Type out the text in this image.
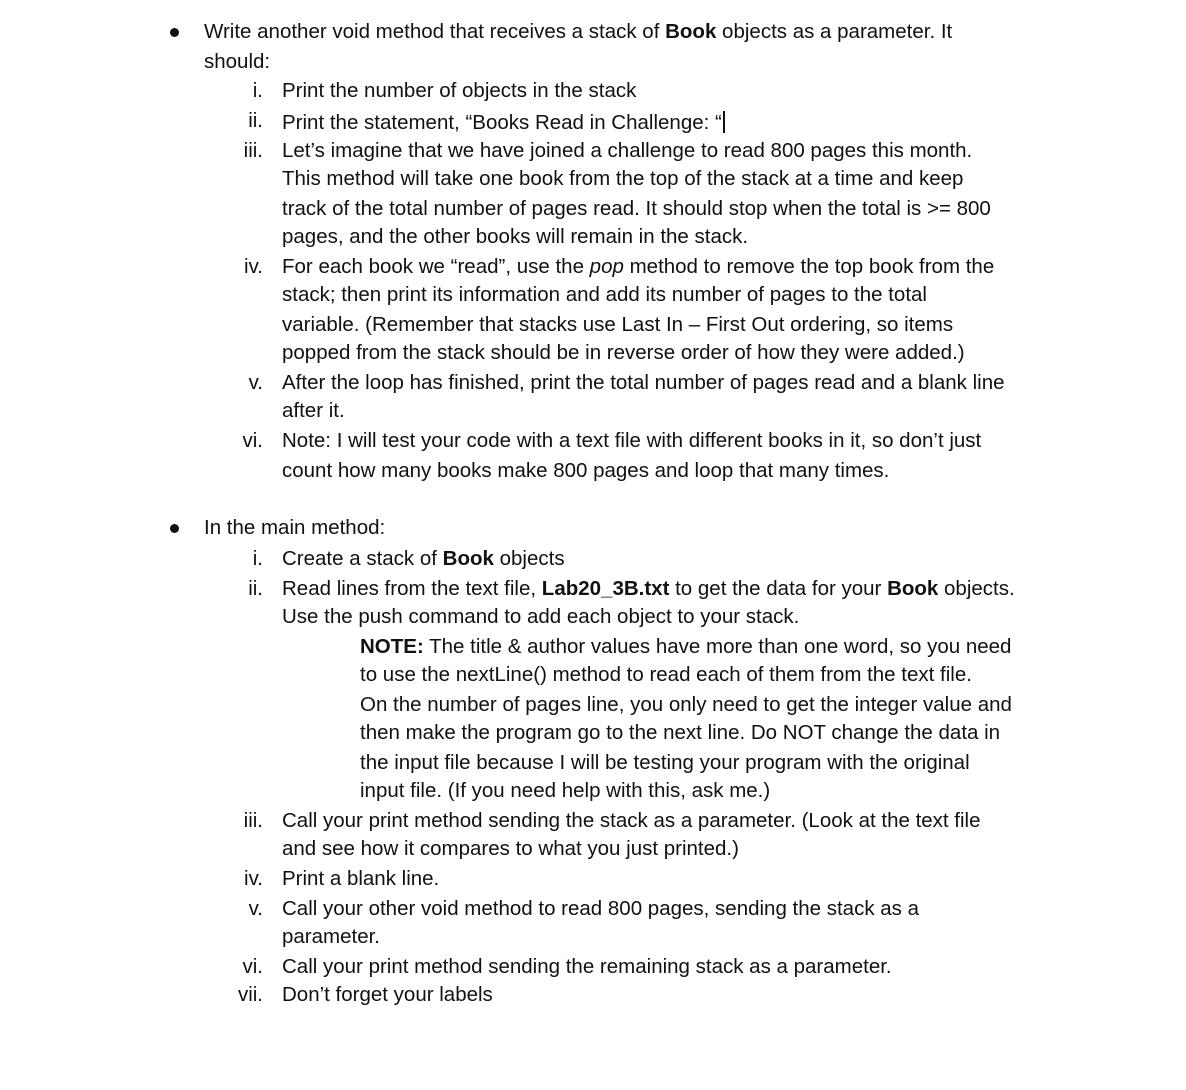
Write another void method that receives a stack of Book objects as a parameter. It
should:
i. Print the number of objects in the stack
ii. Print the statement, “Books Read in Challenge: “
iii. Let’s imagine that we have joined a challenge to read 800 pages this month.
This method will take one book from the top of the stack at a time and keep
track of the total number of pages read. It should stop when the total is >= 800
pages, and the other books will remain in the stack.
iv. For each book we “read”, use the pop method to remove the top book from the
stack; then print its information and add its number of pages to the total
variable. (Remember that stacks use Last In – First Out ordering, so items
popped from the stack should be in reverse order of how they were added.)
v. After the loop has finished, print the total number of pages read and a blank line
after it.
vi. Note: I will test your code with a text file with different books in it, so don’t just
count how many books make 800 pages and loop that many times.
In the main method:
i. Create a stack of Book objects
ii. Read lines from the text file, Lab20_3B.txt to get the data for your Book objects.
Use the push command to add each object to your stack.
NOTE: The title & author values have more than one word, so you need
to use the nextLine() method to read each of them from the text file.
On the number of pages line, you only need to get the integer value and
then make the program go to the next line. Do NOT change the data in
the input file because I will be testing your program with the original
input file. (If you need help with this, ask me.)
iii. Call your print method sending the stack as a parameter. (Look at the text file
and see how it compares to what you just printed.)
iv. Print a blank line.
v. Call your other void method to read 800 pages, sending the stack as a
parameter.
vi. Call your print method sending the remaining stack as a parameter.
vii. Don’t forget your labels
